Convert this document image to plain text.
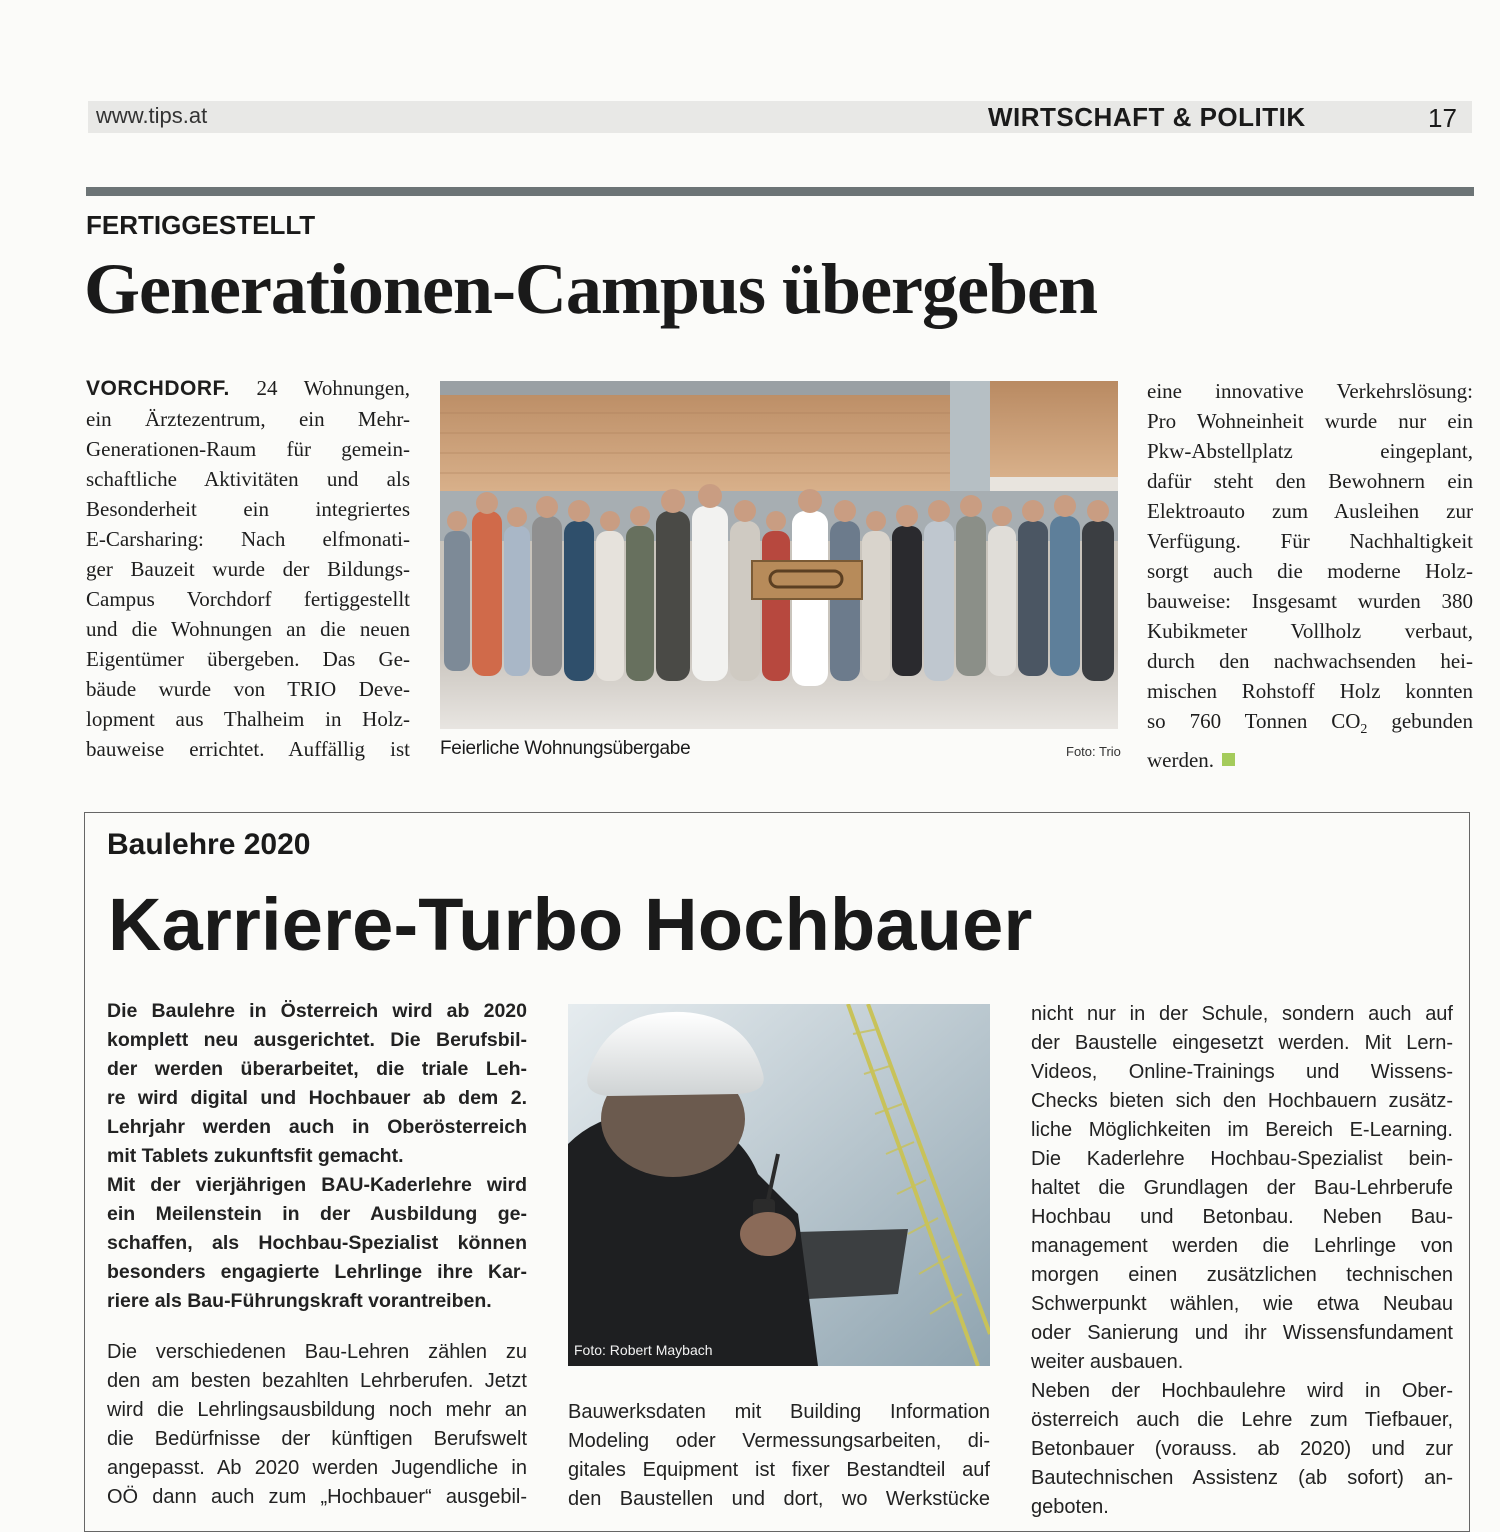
www.tips.at	WIRTSCHAFT & POLITIK	17
FERTIGGESTELLT
Generationen-Campus übergeben
VORCHDORF. 24 Wohnungen,
ein Ärztezentrum, ein Mehr-
Generationen-Raum für gemein-
schaftliche Aktivitäten und als
Besonderheit ein integriertes
E-Carsharing: Nach elfmonati-
ger Bauzeit wurde der Bildungs-
Campus Vorchdorf fertiggestellt
und die Wohnungen an die neuen
Eigentümer übergeben. Das Ge-
bäude wurde von TRIO Deve-
lopment aus Thalheim in Holz-
bauweise errichtet. Auffällig ist Feierliche Wohnungsübergabe	Foto: Trio
eine innovative Verkehrslösung:
Pro Wohneinheit wurde nur ein
Pkw-Abstellplatz eingeplant,
dafür steht den Bewohnern ein
Elektroauto zum Ausleihen zur
Verfügung. Für Nachhaltigkeit
sorgt auch die moderne Holz-
bauweise: Insgesamt wurden 380
Kubikmeter Vollholz verbaut,
durch den nachwachsenden hei-
mischen Rohstoff Holz konnten
so 760 Tonnen $CO_2$ gebunden
werden.
Baulehre 2020
Karriere-Turbo Hochbauer
Die Baulehre in Österreich wird ab 2020
komplett neu ausgerichtet. Die Berufsbil-
der werden überarbeitet, die triale Leh-
re wird digital und Hochbauer ab dem 2.
Lehrjahr werden auch in Oberösterreich
mit Tablets zukunftsfit gemacht.
Mit der vierjährigen BAU-Kaderlehre wird
ein Meilenstein in der Ausbildung ge-
schaffen, als Hochbau-Spezialist können
besonders engagierte Lehrlinge ihre Kar-
riere als Bau-Führungskraft vorantreiben.
Die verschiedenen Bau-Lehren zählen zu
den am besten bezahlten Lehrberufen. Jetzt
wird die Lehrlingsausbildung noch mehr an
die Bedürfnisse der künftigen Berufswelt
angepasst. Ab 2020 werden Jugendliche in
OÖ dann auch zum „Hochbauer“ ausgebil-
Foto: Robert Maybach
Bauwerksdaten mit Building Information
Modeling oder Vermessungsarbeiten, di-
gitales Equipment ist fixer Bestandteil auf
den Baustellen und dort, wo Werkstücke
nicht nur in der Schule, sondern auch auf
der Baustelle eingesetzt werden. Mit Lern-
Videos, Online-Trainings und Wissens-
Checks bieten sich den Hochbauern zusätz-
liche Möglichkeiten im Bereich E-Learning.
Die Kaderlehre Hochbau-Spezialist bein-
haltet die Grundlagen der Bau-Lehrberufe
Hochbau und Betonbau. Neben Bau-
management werden die Lehrlinge von
morgen einen zusätzlichen technischen
Schwerpunkt wählen, wie etwa Neubau
oder Sanierung und ihr Wissensfundament
weiter ausbauen.
Neben der Hochbaulehre wird in Ober-
österreich auch die Lehre zum Tiefbauer,
Betonbauer (vorauss. ab 2020) und zur
Bautechnischen Assistenz (ab sofort) an-
geboten.
